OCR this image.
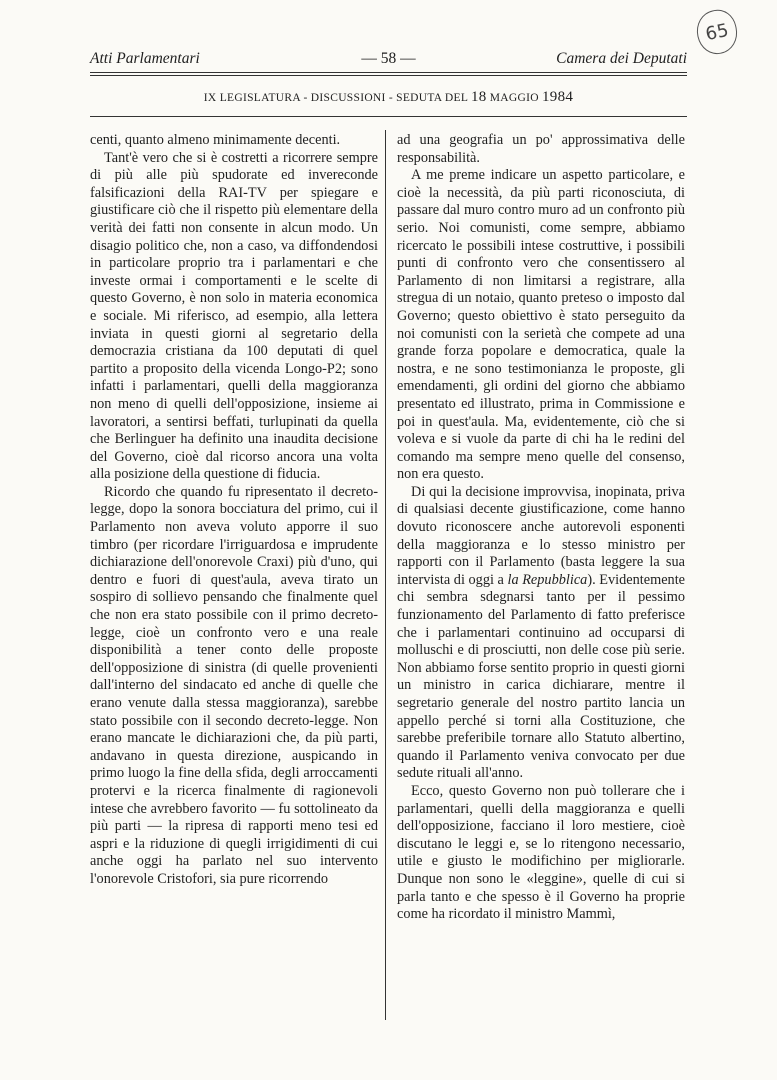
65
Atti Parlamentari	— 58 —	Camera dei Deputati
IX LEGISLATURA - DISCUSSIONI - SEDUTA DEL 18 MAGGIO 1984

centi, quanto almeno minimamente decenti.

Tant'è vero che si è costretti a ricorrere sempre di più alle più spudorate ed invereconde falsificazioni della RAI-TV per spiegare e giustificare ciò che il rispetto più elementare della verità dei fatti non consente in alcun modo. Un disagio politico che, non a caso, va diffondendosi in particolare proprio tra i parlamentari e che investe ormai i comportamenti e le scelte di questo Governo, è non solo in materia economica e sociale. Mi riferisco, ad esempio, alla lettera inviata in questi giorni al segretario della democrazia cristiana da 100 deputati di quel partito a proposito della vicenda Longo-P2; sono infatti i parlamentari, quelli della maggioranza non meno di quelli dell'opposizione, insieme ai lavoratori, a sentirsi beffati, turlupinati da quella che Berlinguer ha definito una inaudita decisione del Governo, cioè dal ricorso ancora una volta alla posizione della questione di fiducia.

Ricordo che quando fu ripresentato il decreto-legge, dopo la sonora bocciatura del primo, cui il Parlamento non aveva voluto apporre il suo timbro (per ricordare l'irriguardosa e imprudente dichiarazione dell'onorevole Craxi) più d'uno, qui dentro e fuori di quest'aula, aveva tirato un sospiro di sollievo pensando che finalmente quel che non era stato possibile con il primo decreto-legge, cioè un confronto vero e una reale disponibilità a tener conto delle proposte dell'opposizione di sinistra (di quelle provenienti dall'interno del sindacato ed anche di quelle che erano venute dalla stessa maggioranza), sarebbe stato possibile con il secondo decreto-legge. Non erano mancate le dichiarazioni che, da più parti, andavano in questa direzione, auspicando in primo luogo la fine della sfida, degli arroccamenti protervi e la ricerca finalmente di ragionevoli intese che avrebbero favorito — fu sottolineato da più parti — la ripresa di rapporti meno tesi ed aspri e la riduzione di quegli irrigidimenti di cui anche oggi ha parlato nel suo intervento l'onorevole Cristofori, sia pure ricorrendo

ad una geografia un po' approssimativa delle responsabilità.

A me preme indicare un aspetto particolare, e cioè la necessità, da più parti riconosciuta, di passare dal muro contro muro ad un confronto più serio. Noi comunisti, come sempre, abbiamo ricercato le possibili intese costruttive, i possibili punti di confronto vero che consentissero al Parlamento di non limitarsi a registrare, alla stregua di un notaio, quanto preteso o imposto dal Governo; questo obiettivo è stato perseguito da noi comunisti con la serietà che compete ad una grande forza popolare e democratica, quale la nostra, e ne sono testimonianza le proposte, gli emendamenti, gli ordini del giorno che abbiamo presentato ed illustrato, prima in Commissione e poi in quest'aula. Ma, evidentemente, ciò che si voleva e si vuole da parte di chi ha le redini del comando ma sempre meno quelle del consenso, non era questo.

Di qui la decisione improvvisa, inopinata, priva di qualsiasi decente giustificazione, come hanno dovuto riconoscere anche autorevoli esponenti della maggioranza e lo stesso ministro per rapporti con il Parlamento (basta leggere la sua intervista di oggi a la Repubblica). Evidentemente chi sembra sdegnarsi tanto per il pessimo funzionamento del Parlamento di fatto preferisce che i parlamentari continuino ad occuparsi di molluschi e di prosciutti, non delle cose più serie. Non abbiamo forse sentito proprio in questi giorni un ministro in carica dichiarare, mentre il segretario generale del nostro partito lancia un appello perché si torni alla Costituzione, che sarebbe preferibile tornare allo Statuto albertino, quando il Parlamento veniva convocato per due sedute rituali all'anno.

Ecco, questo Governo non può tollerare che i parlamentari, quelli della maggioranza e quelli dell'opposizione, facciano il loro mestiere, cioè discutano le leggi e, se lo ritengono necessario, utile e giusto le modifichino per migliorarle. Dunque non sono le «leggine», quelle di cui si parla tanto e che spesso è il Governo ha proprie come ha ricordato il ministro Mammì,
